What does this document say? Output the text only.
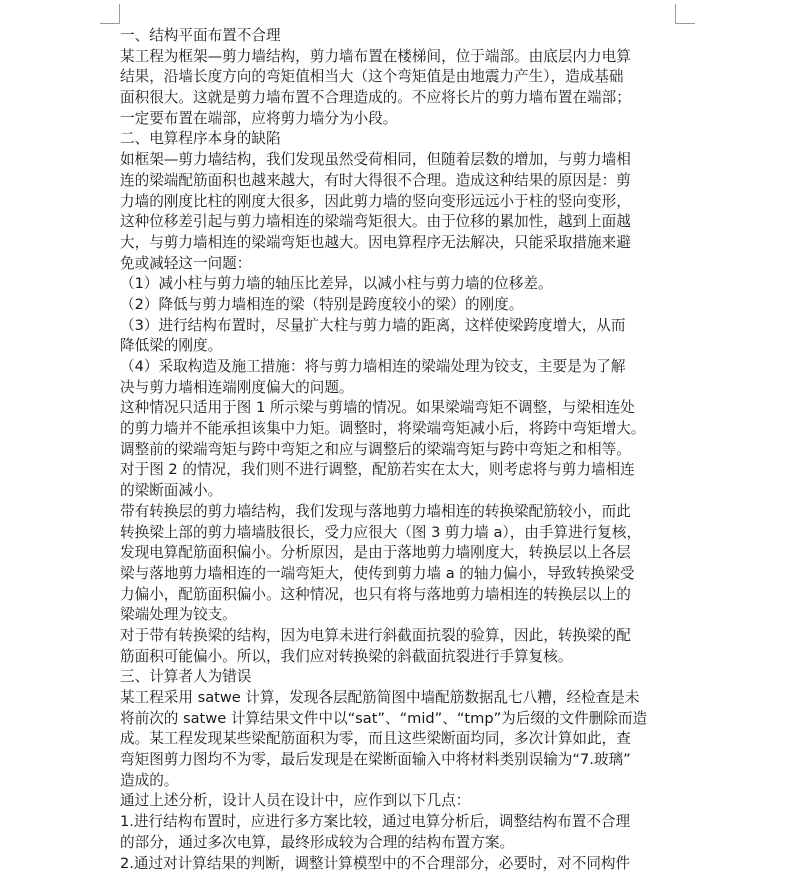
一、结构平面布置不合理
某工程为框架—剪力墙结构，剪力墙布置在楼梯间，位于端部。由底层内力电算
结果，沿墙长度方向的弯矩值相当大（这个弯矩值是由地震力产生），造成基础
面积很大。这就是剪力墙布置不合理造成的。不应将长片的剪力墙布置在端部；
一定要布置在端部，应将剪力墙分为小段。
二、电算程序本身的缺陷
如框架—剪力墙结构，我们发现虽然受荷相同，但随着层数的增加，与剪力墙相
连的梁端配筋面积也越来越大，有时大得很不合理。造成这种结果的原因是：剪
力墙的刚度比柱的刚度大很多，因此剪力墙的竖向变形远远小于柱的竖向变形，
这种位移差引起与剪力墙相连的梁端弯矩很大。由于位移的累加性，越到上面越
大，与剪力墙相连的梁端弯矩也越大。因电算程序无法解决，只能采取措施来避
免或减轻这一问题：
（1）减小柱与剪力墙的轴压比差异，以减小柱与剪力墙的位移差。
（2）降低与剪力墙相连的梁（特别是跨度较小的梁）的刚度。
（3）进行结构布置时，尽量扩大柱与剪力墙的距离，这样使梁跨度增大，从而
降低梁的刚度。
（4）采取构造及施工措施：将与剪力墙相连的梁端处理为铰支，主要是为了解
决与剪力墙相连端刚度偏大的问题。
这种情况只适用于图 1 所示梁与剪墙的情况。如果梁端弯矩不调整，与梁相连处
的剪力墙并不能承担该集中力矩。调整时，将梁端弯矩减小后，将跨中弯矩增大。
调整前的梁端弯矩与跨中弯矩之和应与调整后的梁端弯矩与跨中弯矩之和相等。
对于图 2 的情况，我们则不进行调整，配筋若实在太大，则考虑将与剪力墙相连
的梁断面减小。
带有转换层的剪力墙结构，我们发现与落地剪力墙相连的转换梁配筋较小，而此
转换梁上部的剪力墙墙肢很长，受力应很大（图 3 剪力墙 a），由手算进行复核，
发现电算配筋面积偏小。分析原因，是由于落地剪力墙刚度大，转换层以上各层
梁与落地剪力墙相连的一端弯矩大，使传到剪力墙 a 的轴力偏小，导致转换梁受
力偏小，配筋面积偏小。这种情况，也只有将与落地剪力墙相连的转换层以上的
梁端处理为铰支。
对于带有转换梁的结构，因为电算未进行斜截面抗裂的验算，因此，转换梁的配
筋面积可能偏小。所以，我们应对转换梁的斜截面抗裂进行手算复核。
三、计算者人为错误
某工程采用 satwe 计算，发现各层配筋简图中墙配筋数据乱七八糟，经检查是未
将前次的 satwe 计算结果文件中以“sat”、“mid”、“tmp”为后缀的文件删除而造
成。某工程发现某些梁配筋面积为零，而且这些梁断面均同，多次计算如此，查
弯矩图剪力图均不为零，最后发现是在梁断面输入中将材料类别误输为“7.玻璃”
造成的。
通过上述分析，设计人员在设计中，应作到以下几点：
1.进行结构布置时，应进行多方案比较，通过电算分析后，调整结构布置不合理
的部分，通过多次电算，最终形成较为合理的结构布置方案。
2.通过对计算结果的判断，调整计算模型中的不合理部分，必要时，对不同构件
